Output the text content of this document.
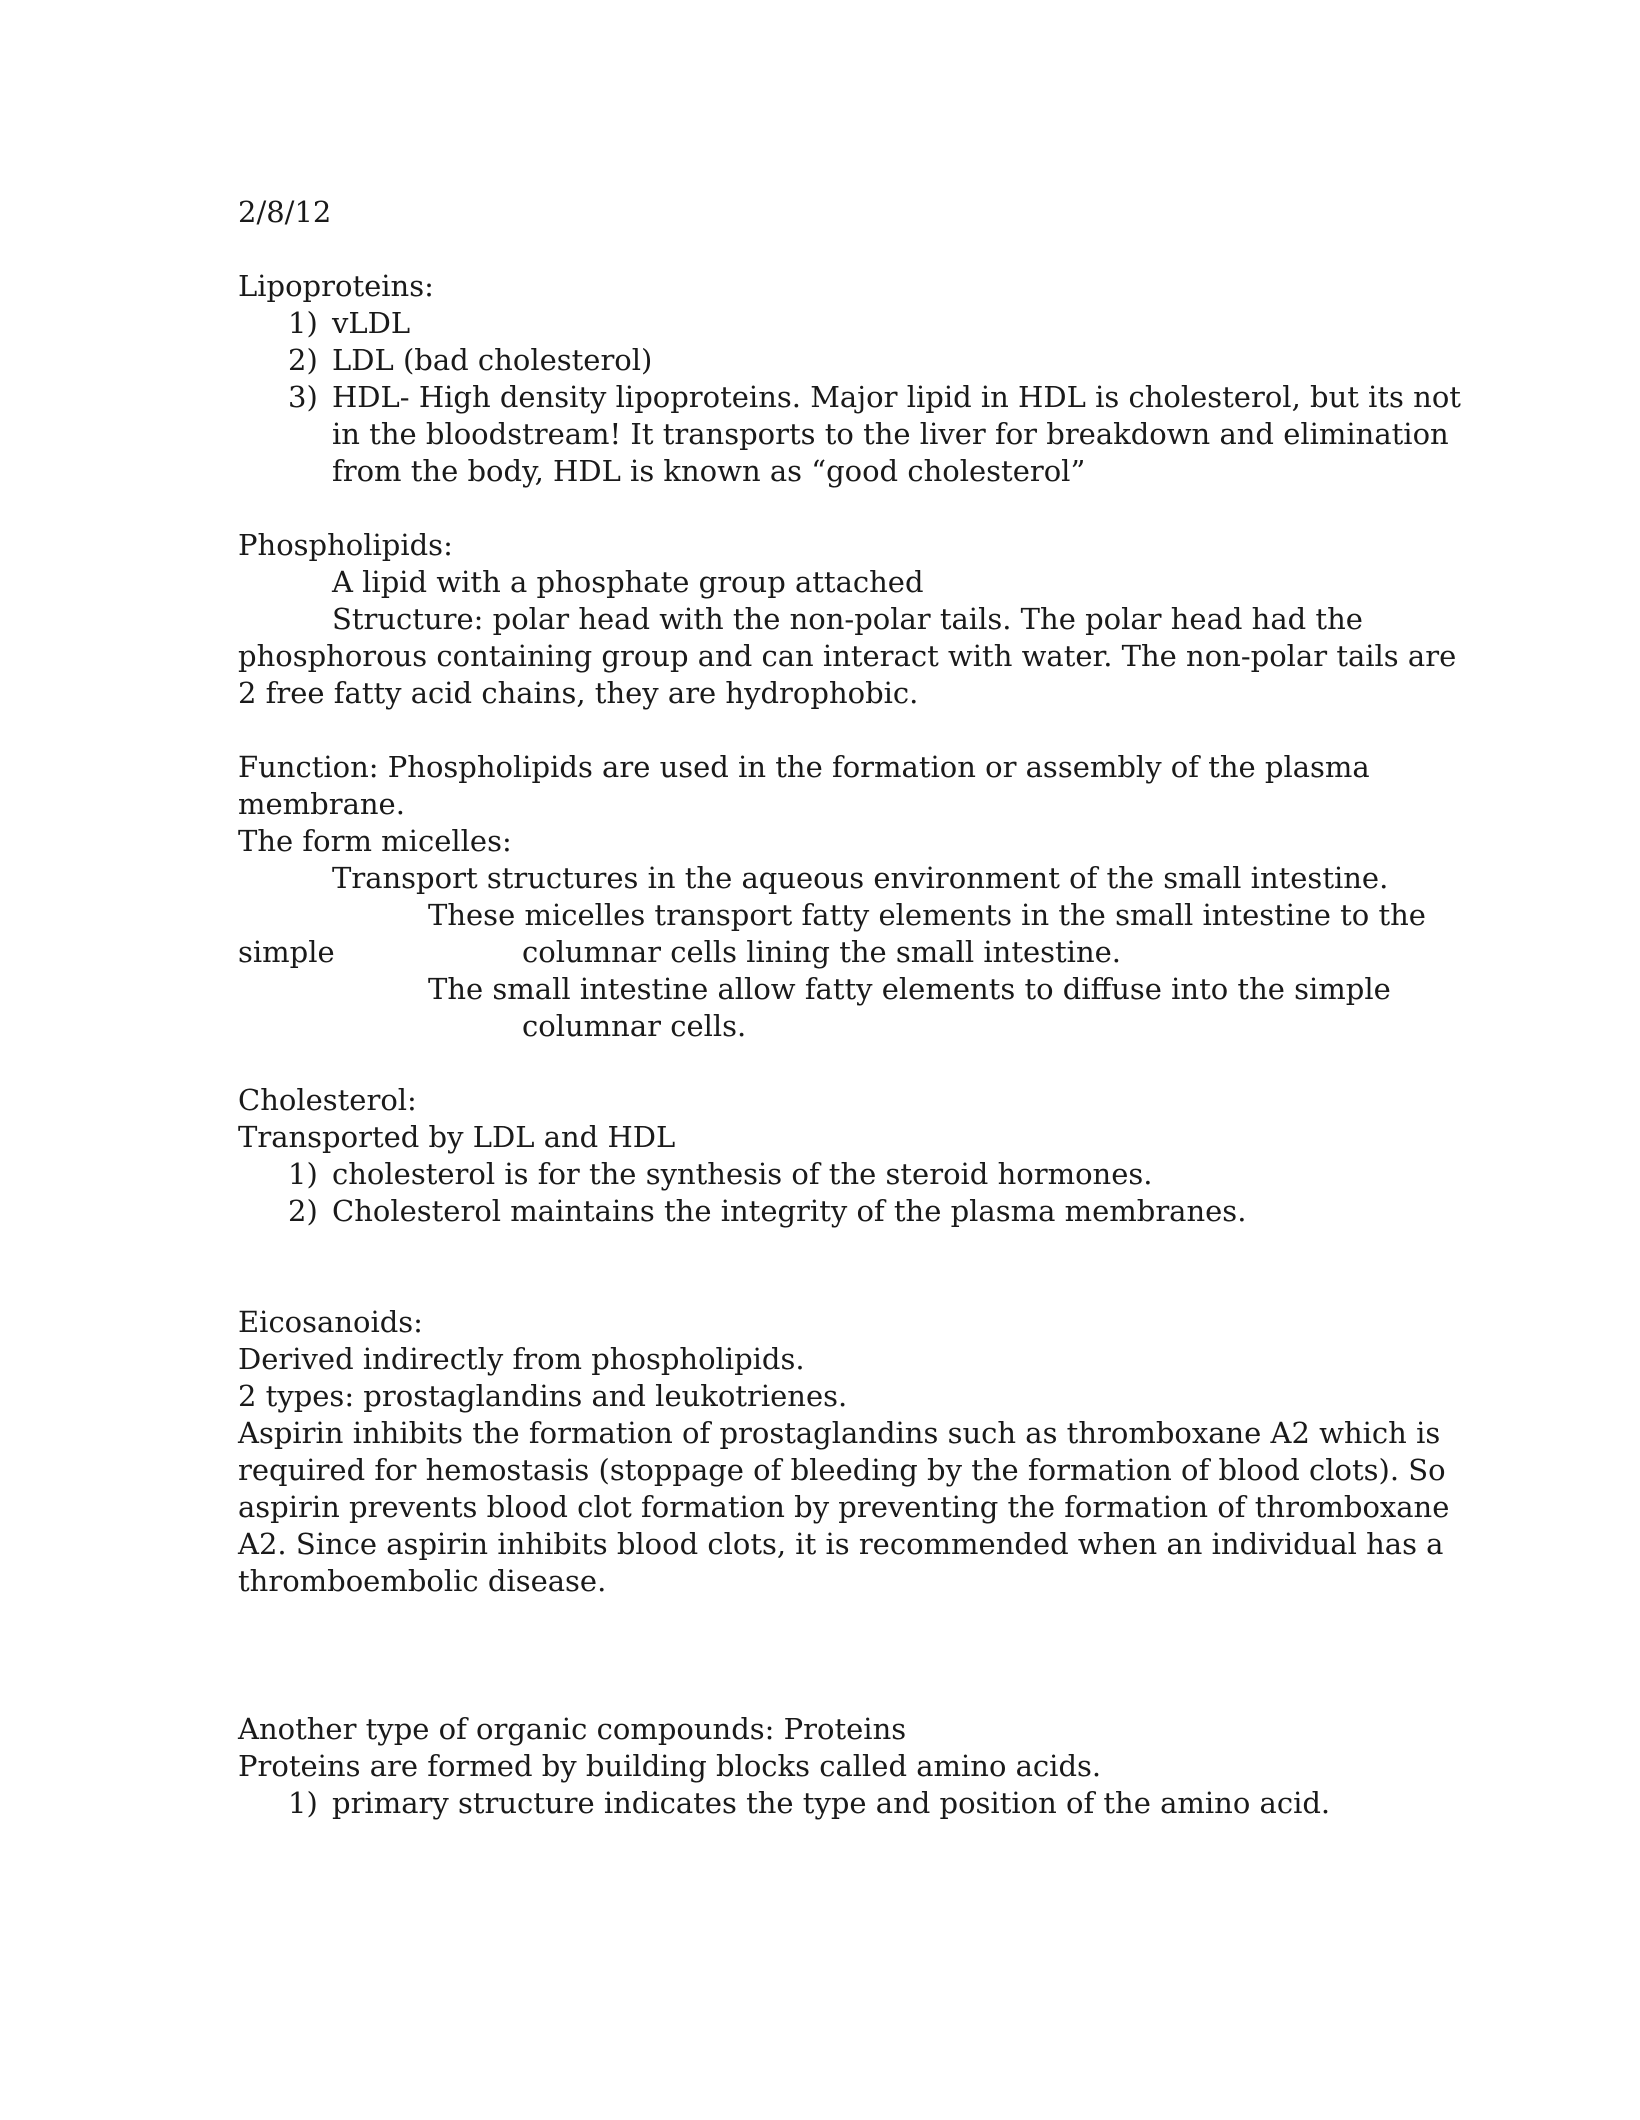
2/8/12
Lipoproteins:
1) vLDL
2) LDL (bad cholesterol)
3) HDL- High density lipoproteins. Major lipid in HDL is cholesterol, but its not
in the bloodstream! It transports to the liver for breakdown and elimination
from the body, HDL is known as “good cholesterol”
Phospholipids:
A lipid with a phosphate group attached
Structure: polar head with the non-polar tails. The polar head had the
phosphorous containing group and can interact with water. The non-polar tails are
2 free fatty acid chains, they are hydrophobic.
Function: Phospholipids are used in the formation or assembly of the plasma
membrane.
The form micelles:
Transport structures in the aqueous environment of the small intestine.
These micelles transport fatty elements in the small intestine to the
simple	columnar cells lining the small intestine.
The small intestine allow fatty elements to diffuse into the simple
columnar cells.
Cholesterol:
Transported by LDL and HDL
1) cholesterol is for the synthesis of the steroid hormones.
2) Cholesterol maintains the integrity of the plasma membranes.
Eicosanoids:
Derived indirectly from phospholipids.
2 types: prostaglandins and leukotrienes.
Aspirin inhibits the formation of prostaglandins such as thromboxane A2 which is
required for hemostasis (stoppage of bleeding by the formation of blood clots). So
aspirin prevents blood clot formation by preventing the formation of thromboxane
A2. Since aspirin inhibits blood clots, it is recommended when an individual has a
thromboembolic disease.
Another type of organic compounds: Proteins
Proteins are formed by building blocks called amino acids.
1) primary structure indicates the type and position of the amino acid.
